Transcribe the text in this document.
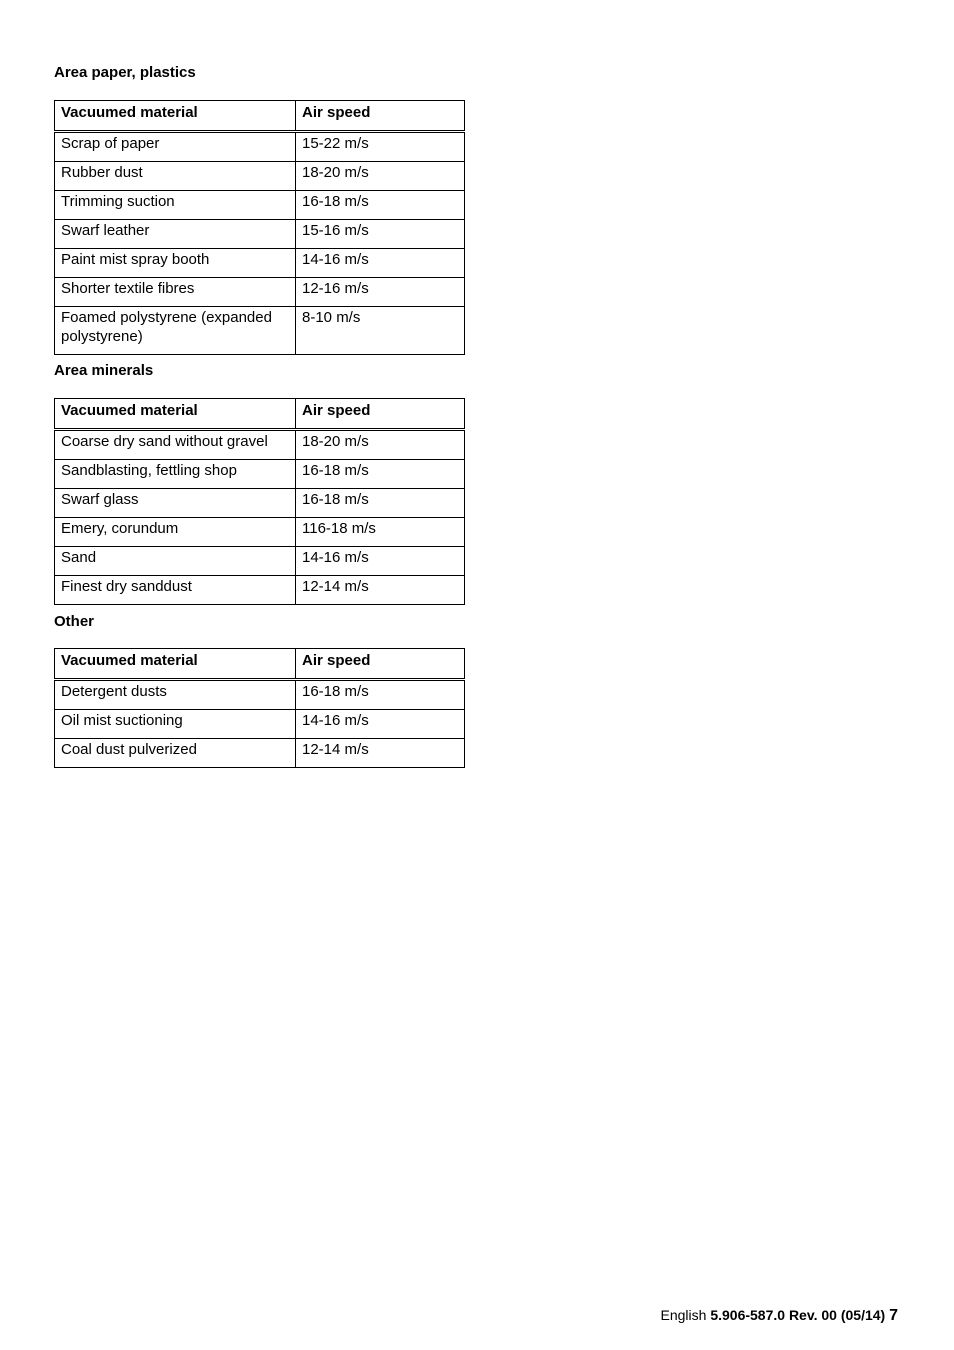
Area paper, plastics

Vacuumed material	Air speed
Scrap of paper	15-22 m/s
Rubber dust	18-20 m/s
Trimming suction	16-18 m/s
Swarf leather	15-16 m/s
Paint mist spray booth	14-16 m/s
Shorter textile fibres	12-16 m/s
Foamed polystyrene (expanded polystyrene)	8-10 m/s

Area minerals

Vacuumed material	Air speed
Coarse dry sand without gravel	18-20 m/s
Sandblasting, fettling shop	16-18 m/s
Swarf glass	16-18 m/s
Emery, corundum	116-18 m/s
Sand	14-16 m/s
Finest dry sanddust	12-14 m/s

Other

Vacuumed material	Air speed
Detergent dusts	16-18 m/s
Oil mist suctioning	14-16 m/s
Coal dust pulverized	12-14 m/s
English 5.906-587.0 Rev. 00 (05/14) 7
